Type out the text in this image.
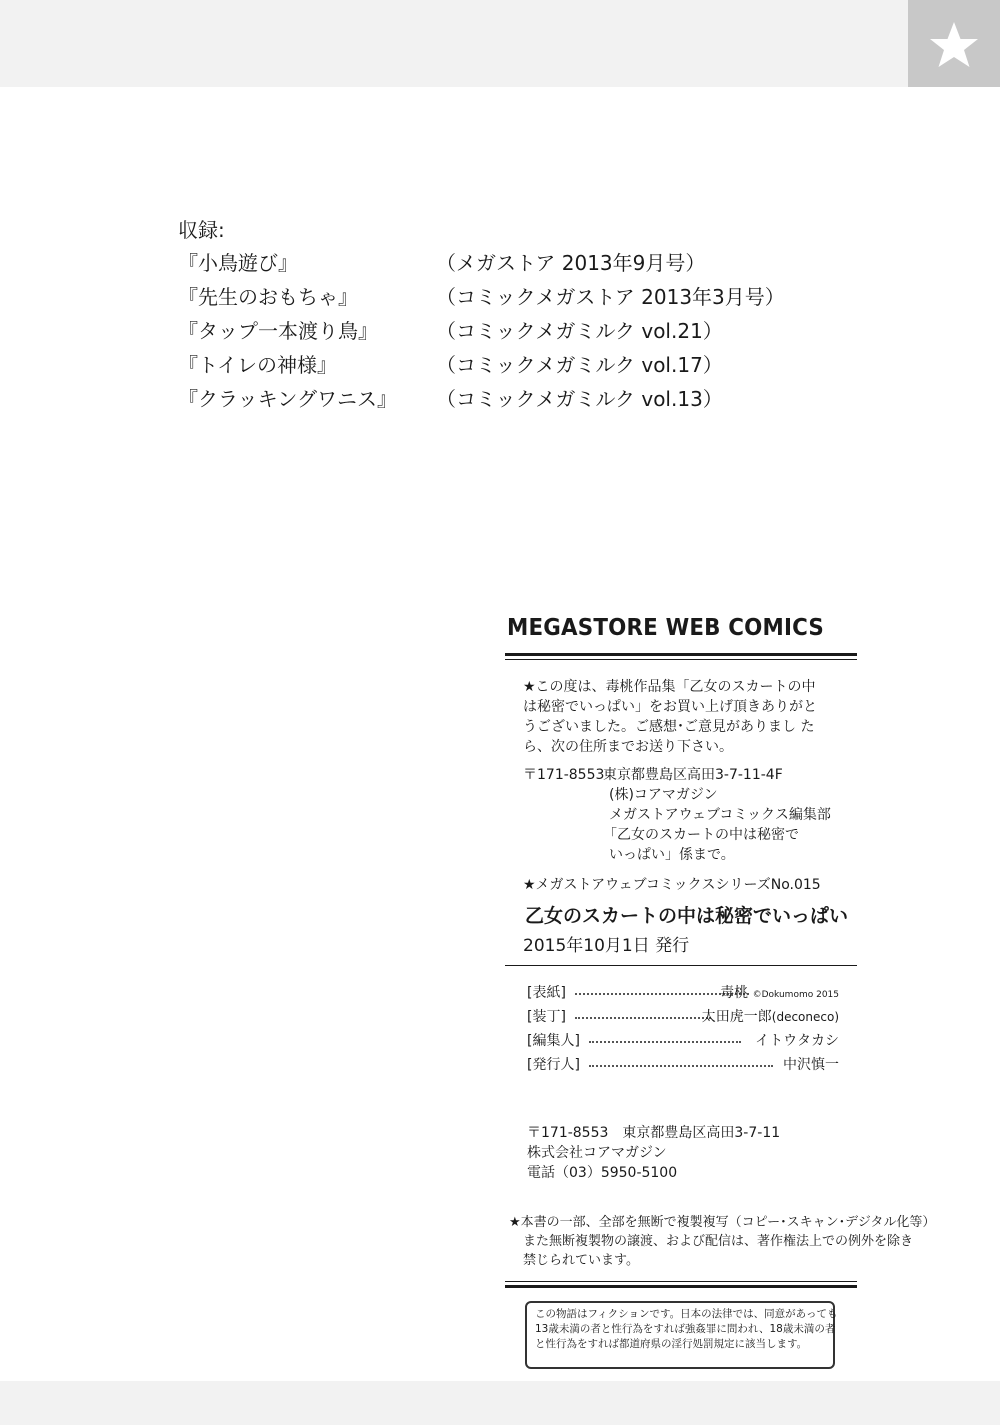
収録:
『小鳥遊び』	（メガストア 2013年9月号）
『先生のおもちゃ』	（コミックメガストア 2013年3月号）
『タップ一本渡り鳥』	（コミックメガミルク vol.21）
『トイレの神様』	（コミックメガミルク vol.17）
『クラッキングワニス』 （コミックメガミルク vol.13）
MEGASTORE WEB COMICS
★この度は、毒桃作品集「乙女のスカートの中
は秘密でいっぱい」をお買い上げ頂きありがと
うございました。ご感想･ご意見がありまし た
ら、次の住所までお送り下さい。
〒171-8553
東京都豊島区高田3-7-11-4F
(株)コアマガジン
メガストアウェブコミックス編集部
「乙女のスカートの中は秘密で
いっぱい」係まで。
★メガストアウェブコミックスシリーズNo.015
乙女のスカートの中は秘密でいっぱい
2015年10月1日 発行
[表紙]	毒桃 ©Dokumomo 2015
[装丁]	太田虎一郎(deconeco)
[編集人]	イトウタカシ
[発行人]	中沢慎一
〒171-8553　東京都豊島区高田3-7-11
株式会社コアマガジン
電話（03）5950-5100
★本書の一部、全部を無断で複製複写（コピー･スキャン･デジタル化等）
また無断複製物の譲渡、および配信は、著作権法上での例外を除き
禁じられています。
この物語はフィクションです。日本の法律では、同意があっても
13歳未満の者と性行為をすれば強姦罪に問われ、18歳未満の者
と性行為をすれば都道府県の淫行処罰規定に該当します。
